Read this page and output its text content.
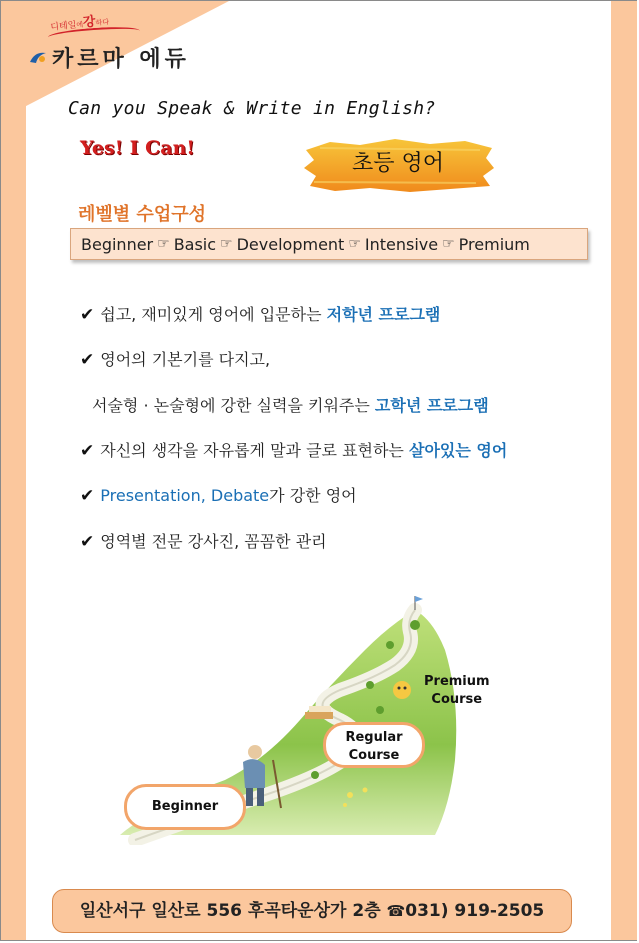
디테일에강하다
카르마 에듀
Can you Speak & Write in English?
Yes! I Can!
초등 영어
레벨별 수업구성
Beginner ☞ Basic ☞ Development ☞ Intensive ☞ Premium
✔ 쉽고, 재미있게 영어에 입문하는 저학년 프로그램
✔ 영어의 기본기를 다지고,
서술형 · 논술형에 강한 실력을 키워주는 고학년 프로그램
✔ 자신의 생각을 자유롭게 말과 글로 표현하는 살아있는 영어
✔ Presentation, Debate가 강한 영어
✔ 영역별 전문 강사진, 꼼꼼한 관리
Regular
Course
Beginner
Premium
Course
일산서구 일산로 556 후곡타운상가 2층 ☎031) 919-2505
